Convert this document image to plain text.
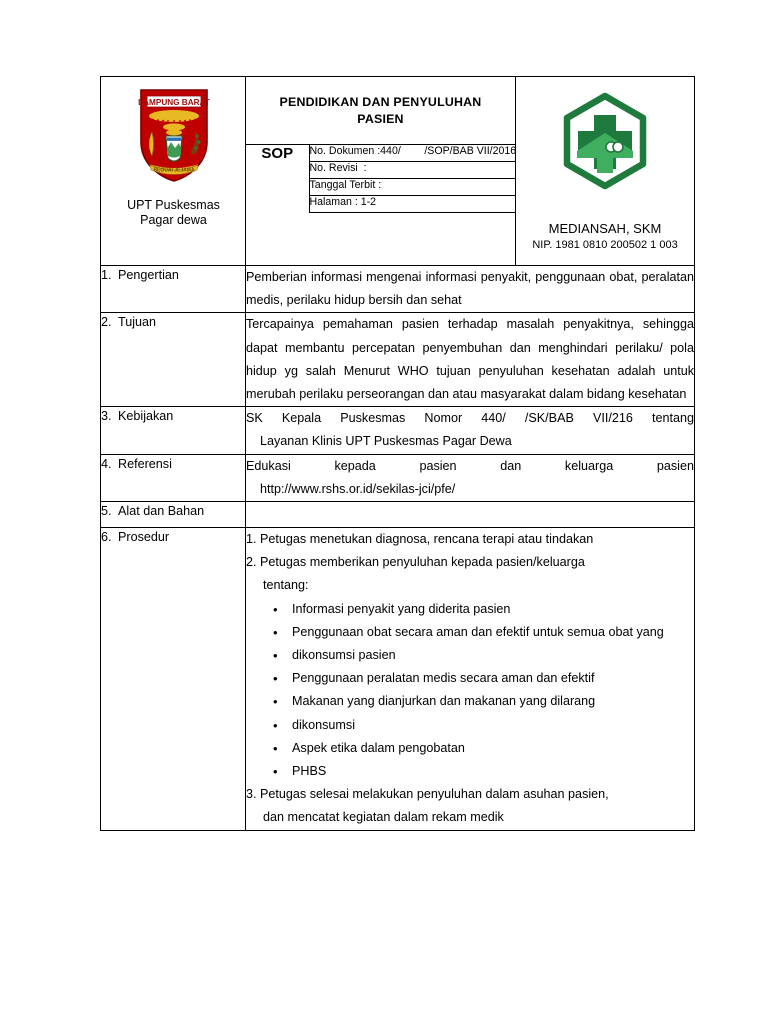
LAMPUNG BARAT
BEGUAI JEJAMA
UPT Puskesmas
Pagar dewa

PENDIDIKAN DAN PENYULUHAN
PASIEN
SOP	No. Dokumen :440/        /SOP/BAB VII/2016
No. Revisi  :
Tanggal Terbit :
Halaman : 1-2

MEDIANSAH, SKM
NIP. 1981 0810 200502 1 003

1. Pengertian	Pemberian informasi mengenai informasi penyakit, penggunaan obat, peralatan medis, perilaku hidup bersih dan sehat

2. Tujuan	Tercapainya pemahaman pasien terhadap masalah penyakitnya, sehingga dapat membantu percepatan penyembuhan dan menghindari perilaku/ pola hidup yg salah Menurut WHO tujuan penyuluhan kesehatan adalah untuk merubah perilaku perseorangan dan atau masyarakat dalam bidang kesehatan

3. Kebijakan	SK Kepala Puskesmas Nomor 440/ /SK/BAB VII/216 tentang
Layanan Klinis UPT Puskesmas Pagar Dewa

4. Referensi	Edukasi kepada pasien dan keluarga pasien
http://www.rshs.or.id/sekilas-jci/pfe/

5. Alat dan Bahan	
6. Prosedur	1. Petugas menetukan diagnosa, rencana terapi atau tindakan
2. Petugas memberikan penyuluhan kepada pasien/keluarga
tentang:
• Informasi penyakit yang diderita pasien
• Penggunaan obat secara aman dan efektif untuk semua obat yang
• dikonsumsi pasien
• Penggunaan peralatan medis secara aman dan efektif
• Makanan yang dianjurkan dan makanan yang dilarang
• dikonsumsi
• Aspek etika dalam pengobatan
• PHBS
3. Petugas selesai melakukan penyuluhan dalam asuhan pasien,
dan mencatat kegiatan dalam rekam medik
